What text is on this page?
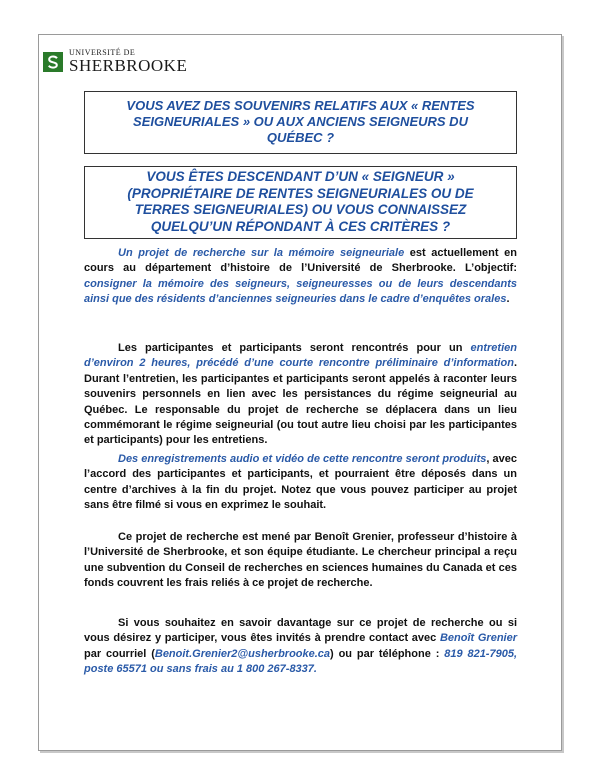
UNIVERSITÉ DE
SHERBROOKE
VOUS AVEZ DES SOUVENIRS RELATIFS AUX « RENTES
SEIGNEURIALES » OU AUX ANCIENS SEIGNEURS DU
QUÉBEC ?
VOUS ÊTES DESCENDANT D’UN « SEIGNEUR »
(PROPRIÉTAIRE DE RENTES SEIGNEURIALES OU DE
TERRES SEIGNEURIALES) OU VOUS CONNAISSEZ
QUELQU’UN RÉPONDANT À CES CRITÈRES ?

Un projet de recherche sur la mémoire seigneuriale est actuellement en cours au département d’histoire de l’Université de Sherbrooke. L’objectif: consigner la mémoire des seigneurs, seigneuresses ou de leurs descendants ainsi que des résidents d’anciennes seigneuries dans le cadre d’enquêtes orales.

Les participantes et participants seront rencontrés pour un entretien d’environ 2 heures, précédé d’une courte rencontre préliminaire d’information. Durant l’entretien, les participantes et participants seront appelés à raconter leurs souvenirs personnels en lien avec les persistances du régime seigneurial au Québec. Le responsable du projet de recherche se déplacera dans un lieu commémorant le régime seigneurial (ou tout autre lieu choisi par les participantes et participants) pour les entretiens.

Des enregistrements audio et vidéo de cette rencontre seront produits, avec l’accord des participantes et participants, et pourraient être déposés dans un centre d’archives à la fin du projet. Notez que vous pouvez participer au projet sans être filmé si vous en exprimez le souhait.

Ce projet de recherche est mené par Benoît Grenier, professeur d’histoire à l’Université de Sherbrooke, et son équipe étudiante. Le chercheur principal a reçu une subvention du Conseil de recherches en sciences humaines du Canada et ces fonds couvrent les frais reliés à ce projet de recherche.

Si vous souhaitez en savoir davantage sur ce projet de recherche ou si vous désirez y participer, vous êtes invités à prendre contact avec Benoît Grenier par courriel (Benoit.Grenier2@usherbrooke.ca) ou par téléphone : 819 821-7905, poste 65571 ou sans frais au 1 800 267-8337.
